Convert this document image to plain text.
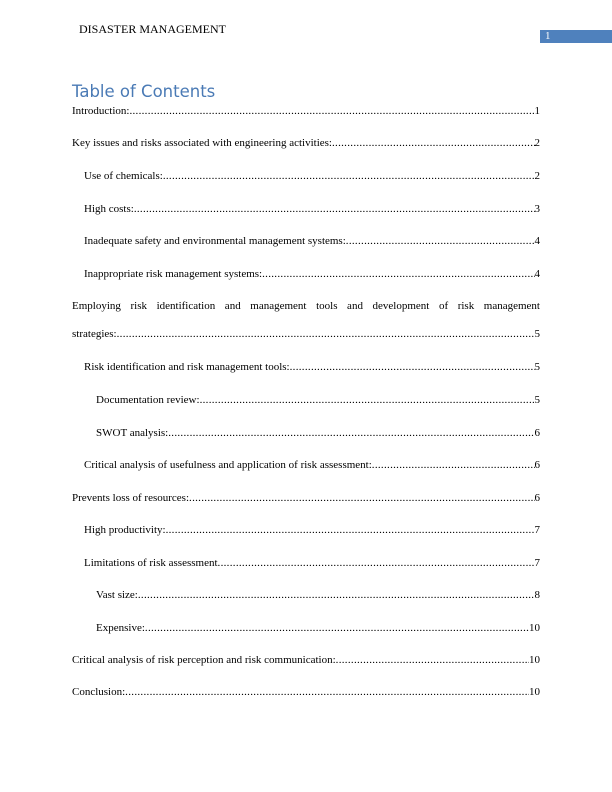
DISASTER MANAGEMENT	1
Table of Contents
Introduction: .....	1
Key issues and risks associated with engineering activities: .....	2
Use of chemicals: .....	2
High costs: .....	3
Inadequate safety and environmental management systems: .....	4
Inappropriate risk management systems: .....	4
Employing risk identification and management tools and development of risk management
strategies: .....	5
Risk identification and risk management tools: .....	5
Documentation review: .....	5
SWOT analysis: .....	6
Critical analysis of usefulness and application of risk assessment: .....	6
Prevents loss of resources: .....	6
High productivity: .....	7
Limitations of risk assessment .....	7
Vast size: .....	8
Expensive: .....	10
Critical analysis of risk perception and risk communication: .....	10
Conclusion: .....	10
